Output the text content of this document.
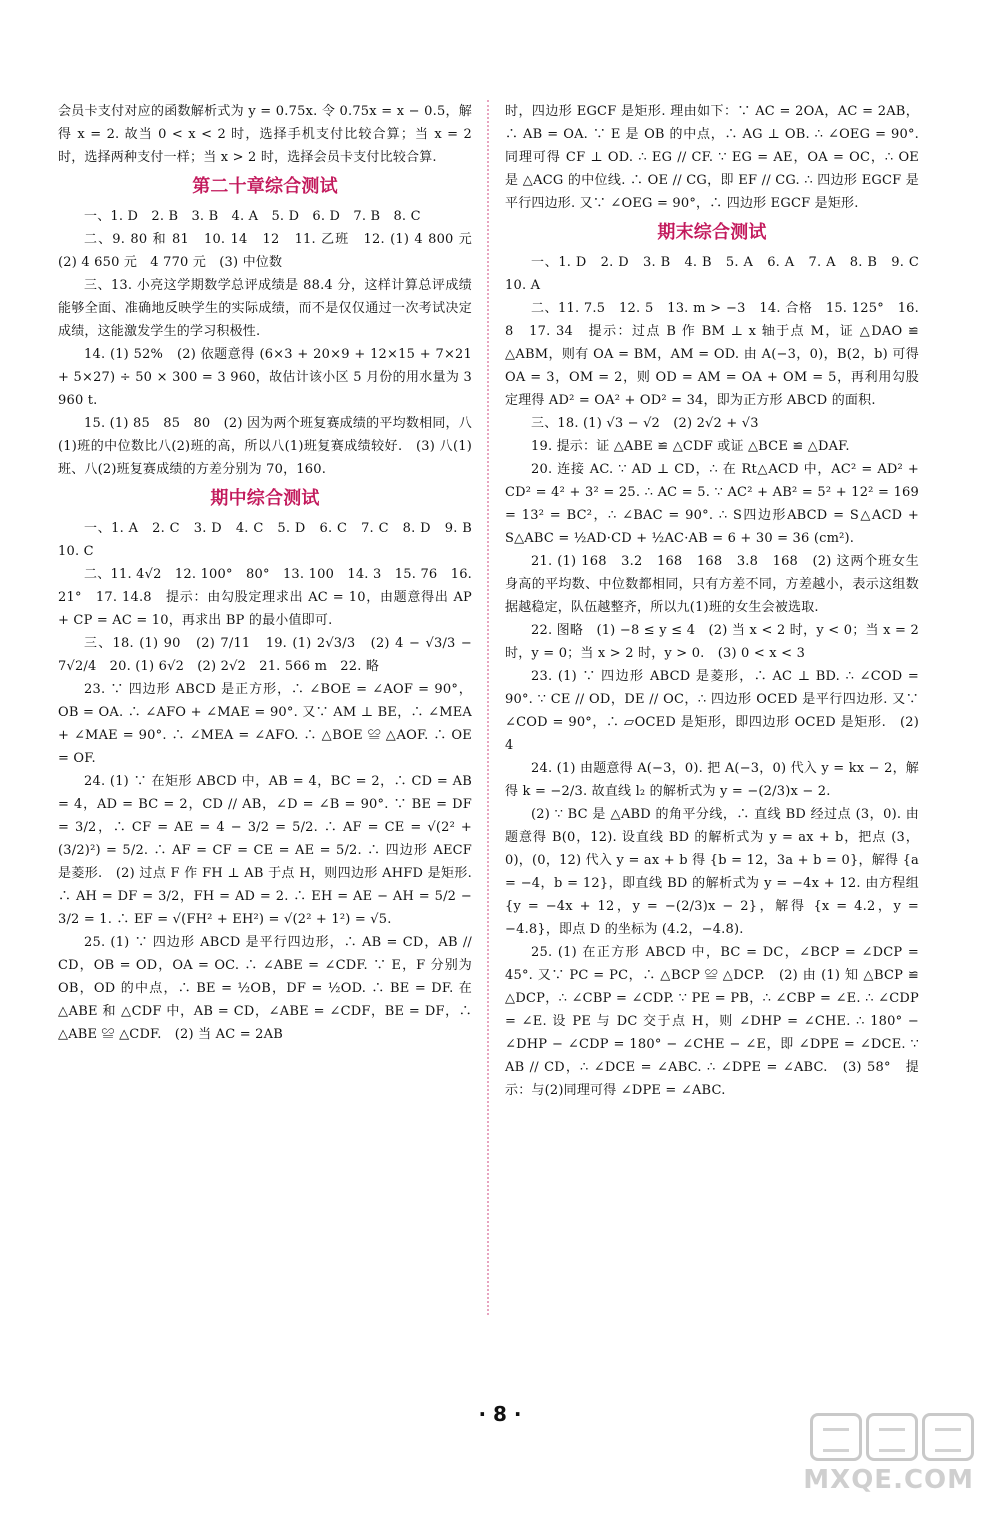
会员卡支付对应的函数解析式为 y = 0.75x. 令 0.75x = x − 0.5，解得 x = 2. 故当 0 < x < 2 时，选择手机支付比较合算；当 x = 2 时，选择两种支付一样；当 x > 2 时，选择会员卡支付比较合算.

第二十章综合测试

一、1. D　2. B　3. B　4. A　5. D　6. D　7. B　8. C

二、9. 80 和 81　10. 14　12　11. 乙班　12. (1) 4 800 元　(2) 4 650 元　4 770 元　(3) 中位数

三、13. 小亮这学期数学总评成绩是 88.4 分，这样计算总评成绩能够全面、准确地反映学生的实际成绩，而不是仅仅通过一次考试决定成绩，这能激发学生的学习积极性.

14. (1) 52%　(2) 依题意得 (6×3 + 20×9 + 12×15 + 7×21 + 5×27) ÷ 50 × 300 = 3 960，故估计该小区 5 月份的用水量为 3 960 t.

15. (1) 85　85　80　(2) 因为两个班复赛成绩的平均数相同，八(1)班的中位数比八(2)班的高，所以八(1)班复赛成绩较好.　(3) 八(1)班、八(2)班复赛成绩的方差分别为 70，160.

期中综合测试

一、1. A　2. C　3. D　4. C　5. D　6. C　7. C　8. D　9. B　10. C

二、11. 4√2　12. 100°　80°　13. 100　14. 3　15. 76　16. 21°　17. 14.8　提示：由勾股定理求出 AC = 10，由题意得出 AP + CP = AC = 10，再求出 BP 的最小值即可.

三、18. (1) 90　(2) 7/11　19. (1) 2√3/3　(2) 4 − √3/3 − 7√2/4　20. (1) 6√2　(2) 2√2　21. 566 m　22. 略

23. ∵ 四边形 ABCD 是正方形，∴ ∠BOE = ∠AOF = 90°，OB = OA. ∴ ∠AFO + ∠MAE = 90°. 又∵ AM ⊥ BE，∴ ∠MEA + ∠MAE = 90°. ∴ ∠MEA = ∠AFO. ∴ △BOE ≌ △AOF. ∴ OE = OF.

24. (1) ∵ 在矩形 ABCD 中，AB = 4，BC = 2，∴ CD = AB = 4，AD = BC = 2，CD // AB，∠D = ∠B = 90°. ∵ BE = DF = 3/2，∴ CF = AE = 4 − 3/2 = 5/2. ∴ AF = CE = √(2² + (3/2)²) = 5/2. ∴ AF = CF = CE = AE = 5/2. ∴ 四边形 AECF 是菱形.　(2) 过点 F 作 FH ⊥ AB 于点 H，则四边形 AHFD 是矩形. ∴ AH = DF = 3/2，FH = AD = 2. ∴ EH = AE − AH = 5/2 − 3/2 = 1. ∴ EF = √(FH² + EH²) = √(2² + 1²) = √5.

25. (1) ∵ 四边形 ABCD 是平行四边形，∴ AB = CD，AB // CD，OB = OD，OA = OC. ∴ ∠ABE = ∠CDF. ∵ E，F 分别为 OB，OD 的中点，∴ BE = ½OB，DF = ½OD. ∴ BE = DF. 在 △ABE 和 △CDF 中，AB = CD，∠ABE = ∠CDF，BE = DF，∴ △ABE ≌ △CDF.　(2) 当 AC = 2AB

时，四边形 EGCF 是矩形. 理由如下：∵ AC = 2OA，AC = 2AB，∴ AB = OA. ∵ E 是 OB 的中点，∴ AG ⊥ OB. ∴ ∠OEG = 90°. 同理可得 CF ⊥ OD. ∴ EG // CF. ∵ EG = AE，OA = OC，∴ OE 是 △ACG 的中位线. ∴ OE // CG，即 EF // CG. ∴ 四边形 EGCF 是平行四边形. 又∵ ∠OEG = 90°，∴ 四边形 EGCF 是矩形.

期末综合测试

一、1. D　2. D　3. B　4. B　5. A　6. A　7. A　8. B　9. C　10. A

二、11. 7.5　12. 5　13. m > −3　14. 合格　15. 125°　16. 8　17. 34　提示：过点 B 作 BM ⊥ x 轴于点 M，证 △DAO ≌ △ABM，则有 OA = BM，AM = OD. 由 A(−3，0)，B(2，b) 可得 OA = 3，OM = 2，则 OD = AM = OA + OM = 5，再利用勾股定理得 AD² = OA² + OD² = 34，即为正方形 ABCD 的面积.

三、18. (1) √3 − √2　(2) 2√2 + √3

19. 提示：证 △ABE ≌ △CDF 或证 △BCE ≌ △DAF.

20. 连接 AC. ∵ AD ⊥ CD，∴ 在 Rt△ACD 中，AC² = AD² + CD² = 4² + 3² = 25. ∴ AC = 5. ∵ AC² + AB² = 5² + 12² = 169 = 13² = BC²，∴ ∠BAC = 90°. ∴ S四边形ABCD = S△ACD + S△ABC = ½AD·CD + ½AC·AB = 6 + 30 = 36 (cm²).

21. (1) 168　3.2　168　168　3.8　168　(2) 这两个班女生身高的平均数、中位数都相同，只有方差不同，方差越小，表示这组数据越稳定，队伍越整齐，所以九(1)班的女生会被选取.

22. 图略　(1) −8 ≤ y ≤ 4　(2) 当 x < 2 时，y < 0；当 x = 2 时，y = 0；当 x > 2 时，y > 0.　(3) 0 < x < 3

23. (1) ∵ 四边形 ABCD 是菱形，∴ AC ⊥ BD. ∴ ∠COD = 90°. ∵ CE // OD，DE // OC，∴ 四边形 OCED 是平行四边形. 又∵ ∠COD = 90°，∴ ▱OCED 是矩形，即四边形 OCED 是矩形.　(2) 4

24. (1) 由题意得 A(−3，0). 把 A(−3，0) 代入 y = kx − 2，解得 k = −2/3. 故直线 l₂ 的解析式为 y = −(2/3)x − 2.

(2) ∵ BC 是 △ABD 的角平分线，∴ 直线 BD 经过点 (3，0). 由题意得 B(0，12). 设直线 BD 的解析式为 y = ax + b，把点 (3，0)，(0，12) 代入 y = ax + b 得 {b = 12，3a + b = 0}，解得 {a = −4，b = 12}，即直线 BD 的解析式为 y = −4x + 12. 由方程组 {y = −4x + 12，y = −(2/3)x − 2}，解得 {x = 4.2，y = −4.8}，即点 D 的坐标为 (4.2，−4.8).

25. (1) 在正方形 ABCD 中，BC = DC，∠BCP = ∠DCP = 45°. 又∵ PC = PC，∴ △BCP ≌ △DCP.　(2) 由 (1) 知 △BCP ≌ △DCP，∴ ∠CBP = ∠CDP. ∵ PE = PB，∴ ∠CBP = ∠E. ∴ ∠CDP = ∠E. 设 PE 与 DC 交于点 H，则 ∠DHP = ∠CHE. ∴ 180° − ∠DHP − ∠CDP = 180° − ∠CHE − ∠E，即 ∠DPE = ∠DCE. ∵ AB // CD，∴ ∠DCE = ∠ABC. ∴ ∠DPE = ∠ABC.　(3) 58°　提示：与(2)同理可得 ∠DPE = ∠ABC.

· 8 ·
MXQE.COM
